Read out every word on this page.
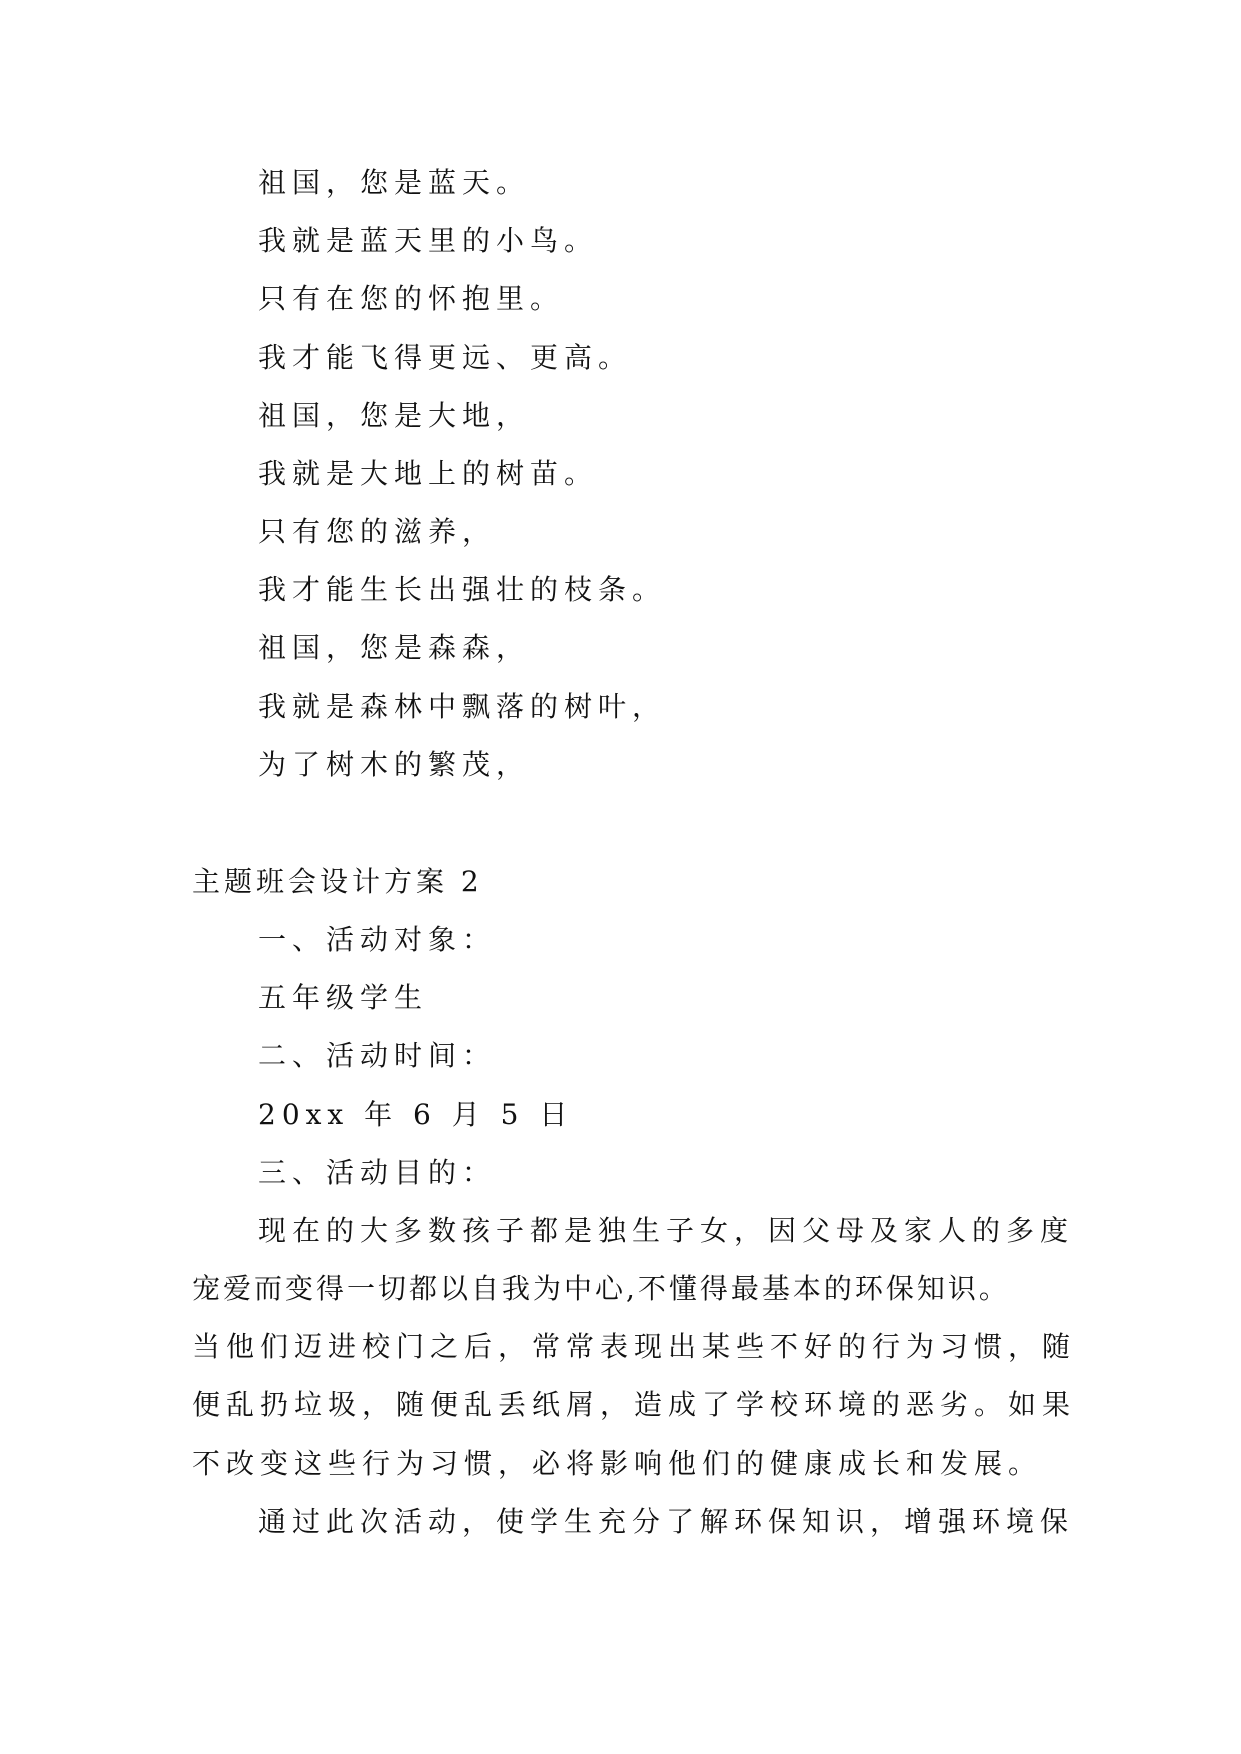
祖国，您是蓝天。
我就是蓝天里的小鸟。
只有在您的怀抱里。
我才能飞得更远、更高。
祖国，您是大地，
我就是大地上的树苗。
只有您的滋养，
我才能生长出强壮的枝条。
祖国，您是森森，
我就是森林中飘落的树叶，
为了树木的繁茂，
主题班会设计方案 2
一、活动对象：
五年级学生
二、活动时间：
20xx 年 6 月 5 日
三、活动目的：
现在的大多数孩子都是独生子女，因父母及家人的多度
宠爱而变得一切都以自我为中心,不懂得最基本的环保知识。
当他们迈进校门之后，常常表现出某些不好的行为习惯，随
便乱扔垃圾，随便乱丢纸屑，造成了学校环境的恶劣。如果
不改变这些行为习惯，必将影响他们的健康成长和发展。
通过此次活动，使学生充分了解环保知识，增强环境保
